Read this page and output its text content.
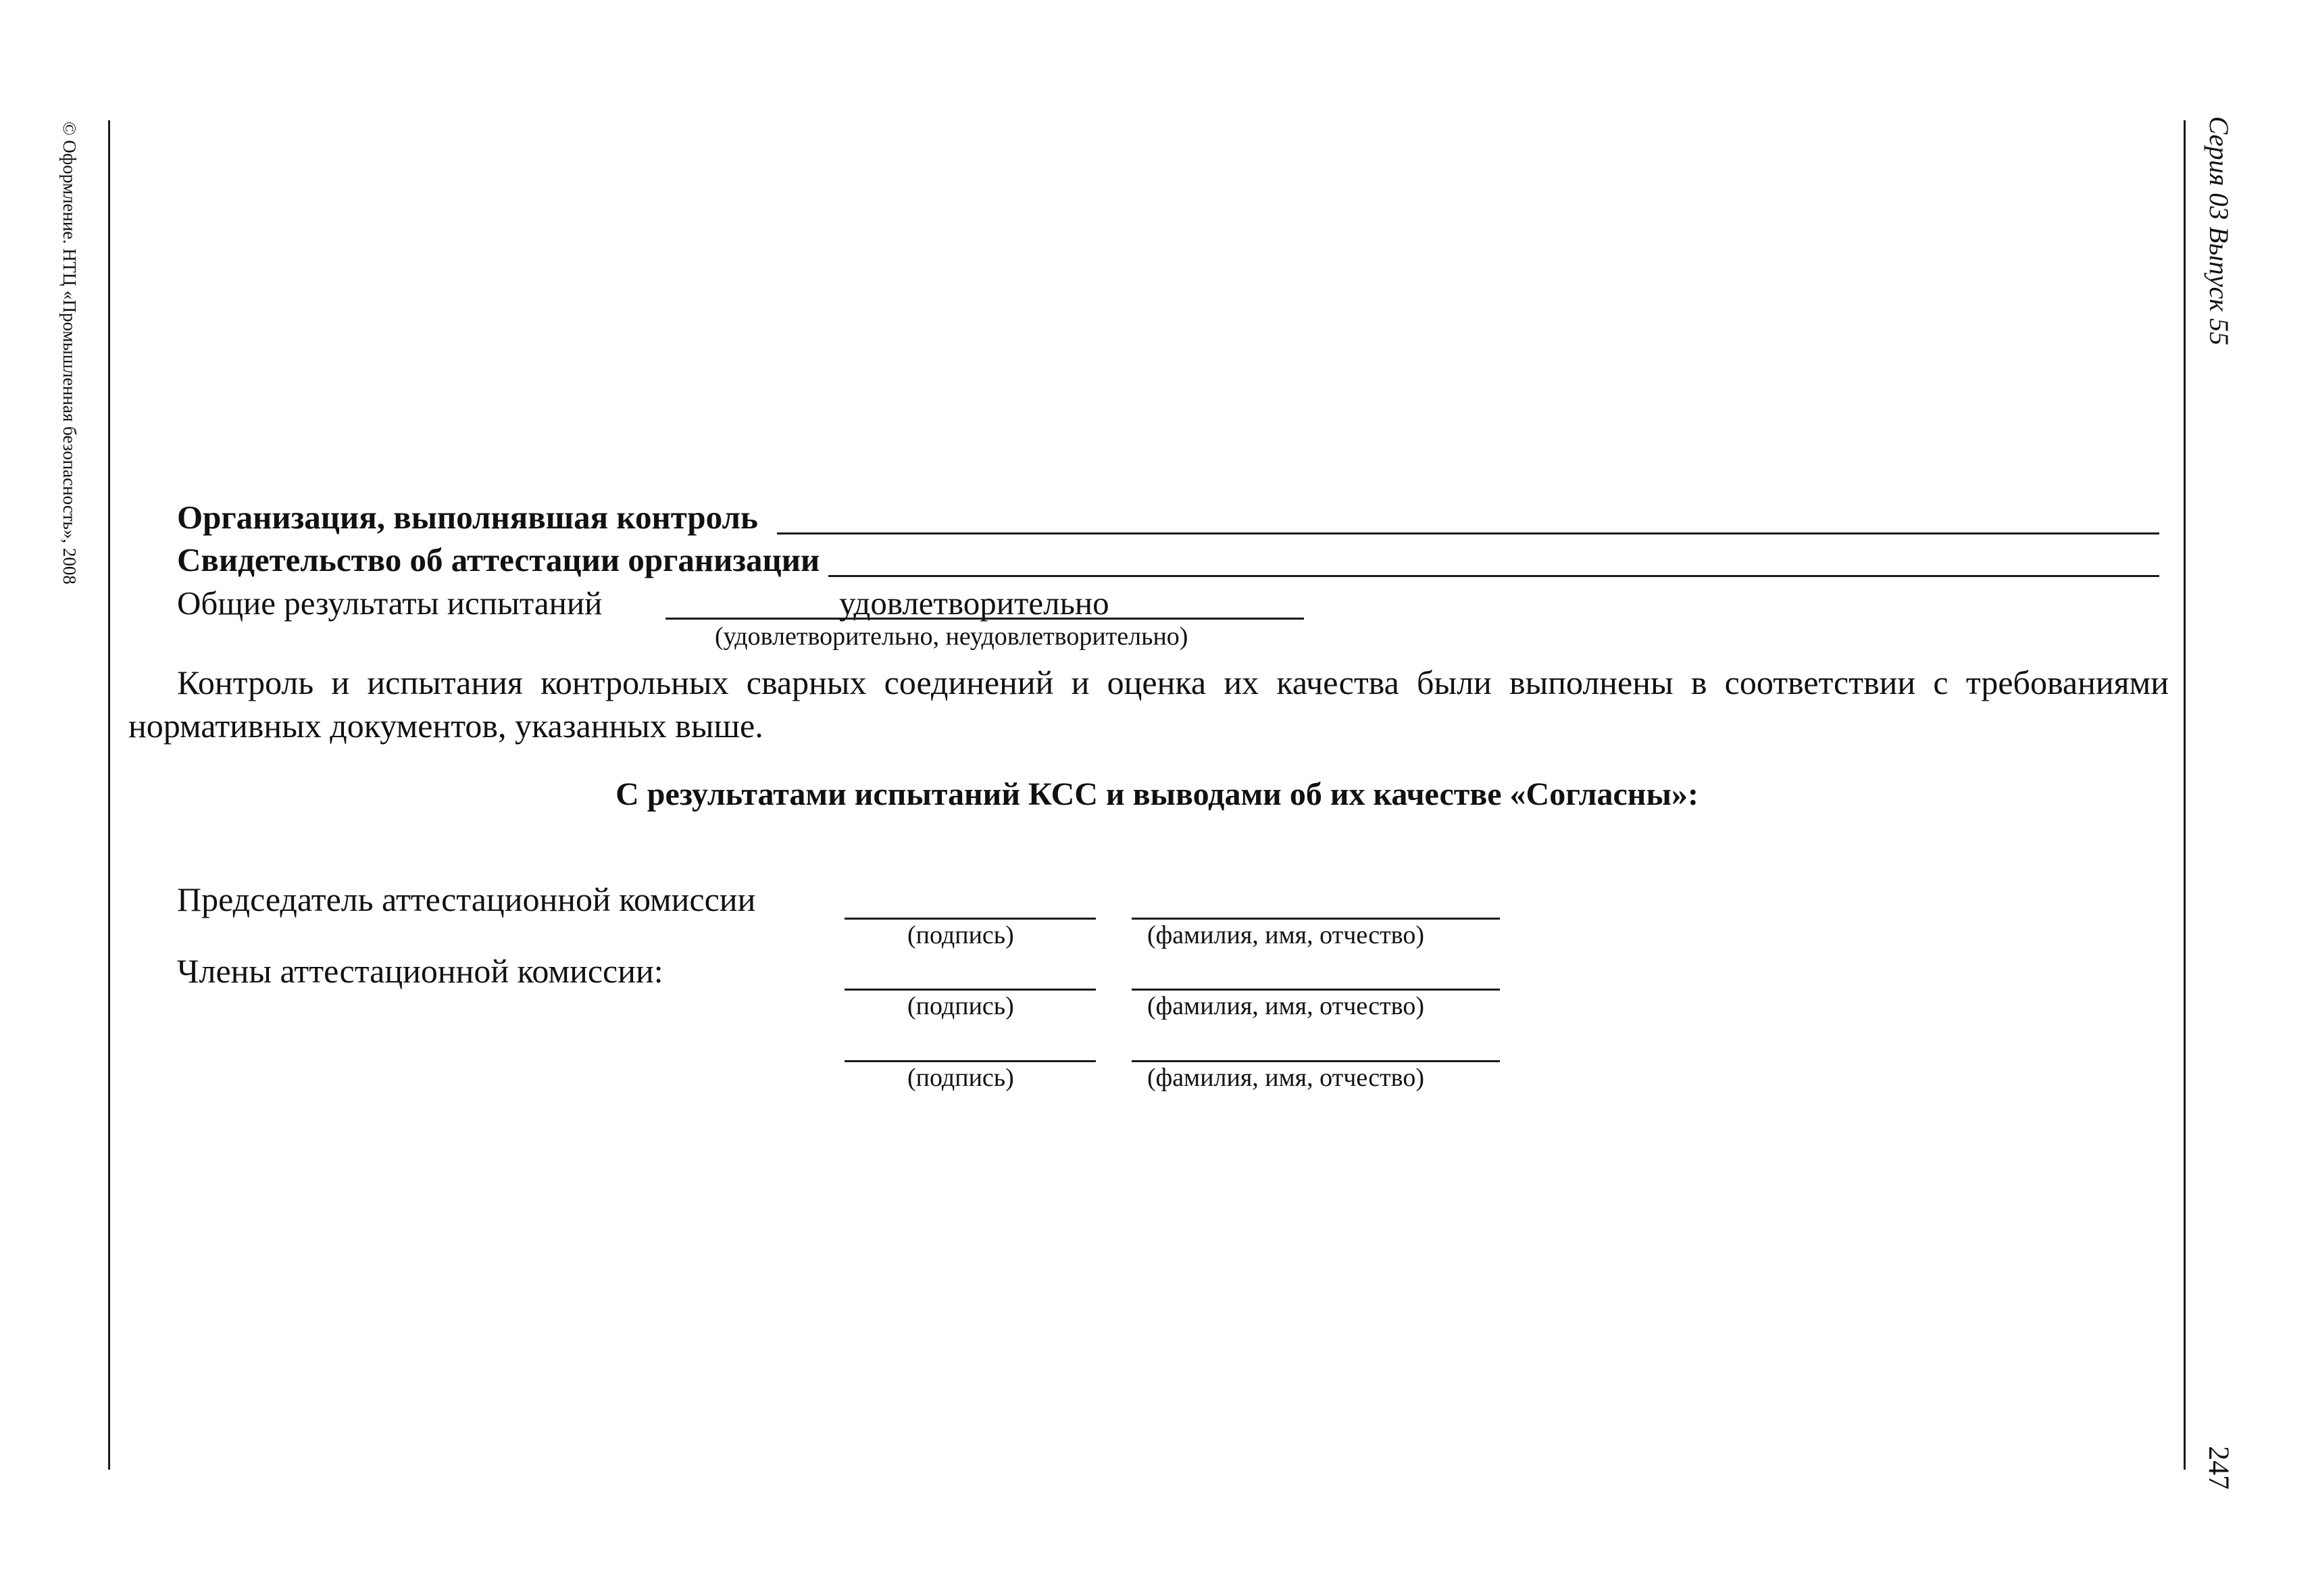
© Оформление. НТЦ «Промышленная безопасность», 2008	Серия 03 Выпуск 55
247
Организация, выполнявшая контроль
Свидетельство об аттестации организации
Общие результаты испытаний	удовлетворительно
(удовлетворительно, неудовлетворительно)
Контроль и испытания контрольных сварных соединений и оценка их качества были выполнены в соответствии с требованиями нормативных документов, указанных выше.
С результатами испытаний КСС и выводами об их качестве «Согласны»:
Председатель аттестационной комиссии
(подпись)	(фамилия, имя, отчество)
Члены аттестационной комиссии:
(подпись)	(фамилия, имя, отчество)
(подпись)	(фамилия, имя, отчество)
